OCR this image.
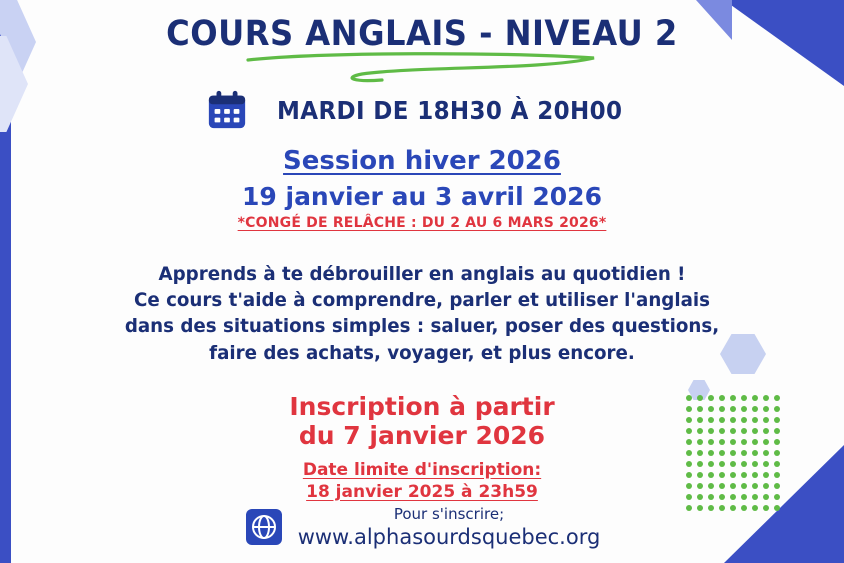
COURS ANGLAIS - NIVEAU 2
MARDI DE 18H30 À 20H00
Session hiver 2026
19 janvier au 3 avril 2026
*CONGÉ DE RELÂCHE : DU 2 AU 6 MARS 2026*
Apprends à te débrouiller en anglais au quotidien !
Ce cours t'aide à comprendre, parler et utiliser l'anglais dans des situations simples : saluer, poser des questions, faire des achats, voyager, et plus encore.
Inscription à partir
du 7 janvier 2026
Date limite d'inscription:
18 janvier 2025 à 23h59
Pour s'inscrire;
www.alphasourdsquebec.org
